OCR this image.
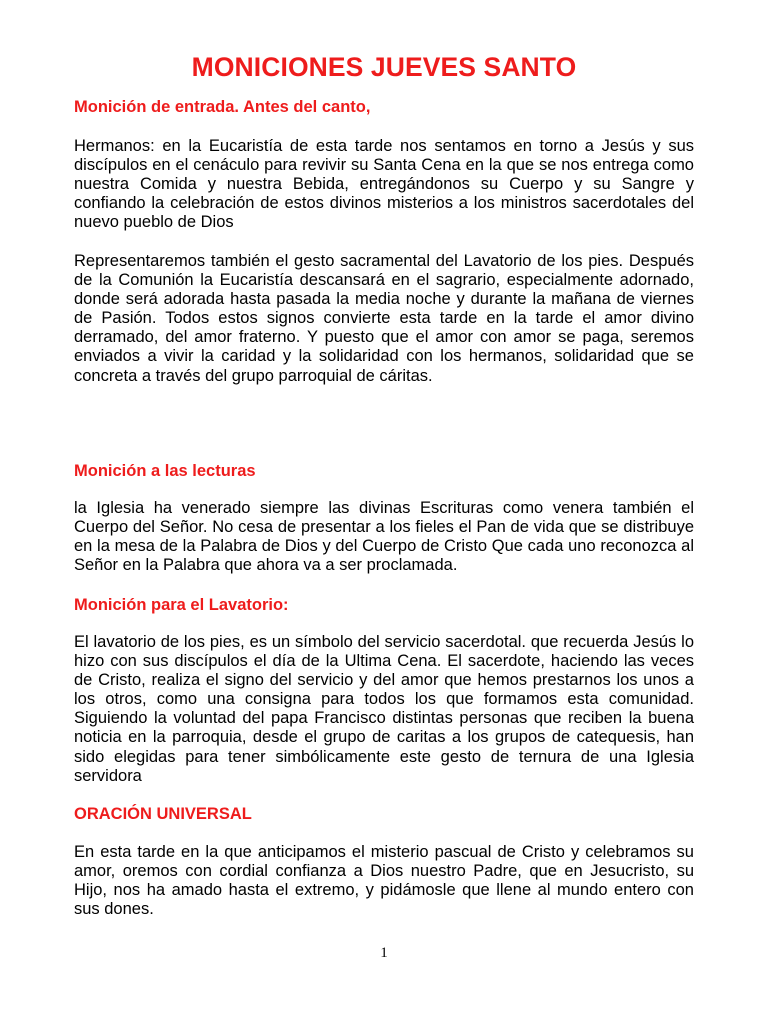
MONICIONES JUEVES SANTO
Monición de entrada. Antes del canto,
Hermanos: en la Eucaristía de esta tarde nos sentamos en torno a Jesús y sus discípulos en el cenáculo para revivir su Santa Cena en la que se nos entrega como nuestra Comida y nuestra Bebida, entregándonos su Cuerpo y su Sangre y confiando la celebración de estos divinos misterios a los ministros sacerdotales del nuevo pueblo de Dios
Representaremos también el gesto sacramental del Lavatorio de los pies. Después de la Comunión la Eucaristía descansará en el sagrario, especialmente adornado, donde será adorada hasta pasada la media noche y durante la mañana de viernes de Pasión. Todos estos signos convierte esta tarde en la tarde el amor divino derramado, del amor fraterno. Y puesto que el amor con amor se paga, seremos enviados a vivir la caridad y la solidaridad con los hermanos, solidaridad que se concreta a través del grupo parroquial de cáritas.
Monición a las lecturas
la Iglesia ha venerado siempre las divinas Escrituras como venera también el Cuerpo del Señor. No cesa de presentar a los fieles el Pan de vida que se distribuye en la mesa de la Palabra de Dios y del Cuerpo de Cristo Que cada uno reconozca al Señor en la Palabra que ahora va a ser proclamada.
Monición para el Lavatorio:
El lavatorio de los pies, es un símbolo del servicio sacerdotal. que recuerda Jesús lo hizo con sus discípulos el día de la Ultima Cena. El sacerdote, haciendo las veces de Cristo, realiza el signo del servicio y del amor que hemos prestarnos los unos a los otros, como una consigna para todos los que formamos esta comunidad. Siguiendo la voluntad del papa Francisco distintas personas que reciben la buena noticia en la parroquia, desde el grupo de caritas a los grupos de catequesis, han sido elegidas para tener simbólicamente este gesto de ternura de una Iglesia servidora
ORACIÓN UNIVERSAL
En esta tarde en la que anticipamos el misterio pascual de Cristo y celebramos su amor, oremos con cordial confianza a Dios nuestro Padre, que en Jesucristo, su Hijo, nos ha amado hasta el extremo, y pidámosle que llene al mundo entero con sus dones.
1
